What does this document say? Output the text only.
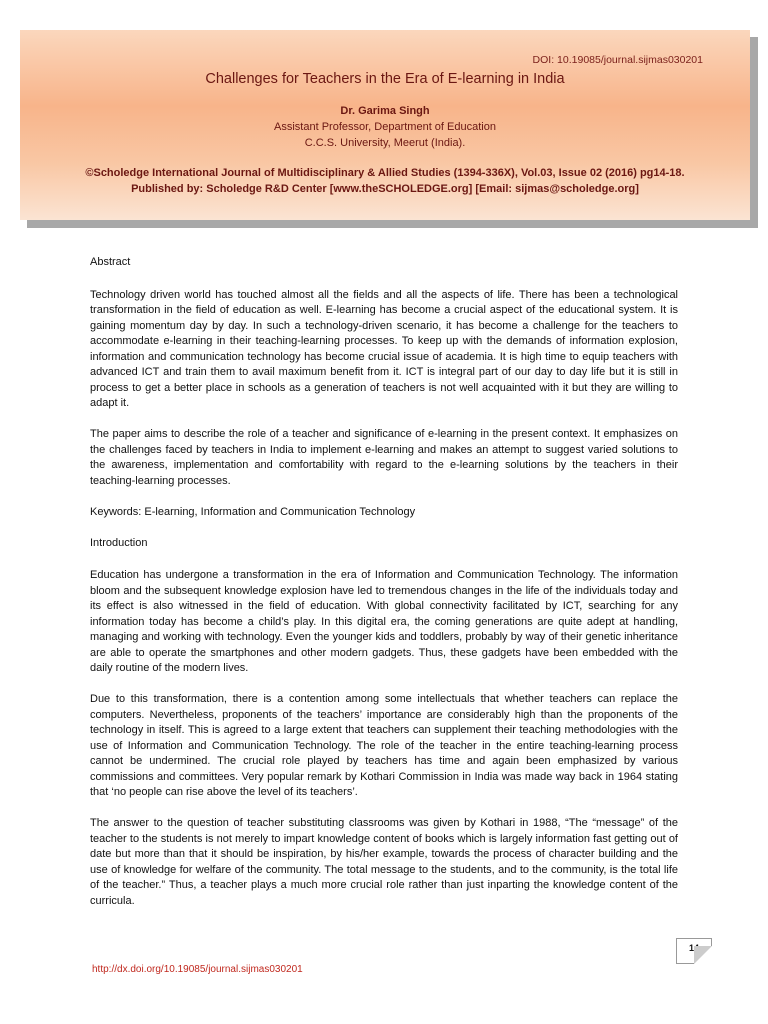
DOI: 10.19085/journal.sijmas030201
Challenges for Teachers in the Era of E-learning in India
Dr. Garima Singh
Assistant Professor, Department of Education
C.C.S. University, Meerut (India).
©Scholedge International Journal of Multidisciplinary & Allied Studies (1394-336X), Vol.03, Issue 02 (2016) pg14-18.
Published by: Scholedge R&D Center [www.theSCHOLEDGE.org] [Email: sijmas@scholedge.org]
Abstract

Technology driven world has touched almost all the fields and all the aspects of life. There has been a technological transformation in the field of education as well. E-learning has become a crucial aspect of the educational system. It is gaining momentum day by day. In such a technology-driven scenario, it has become a challenge for the teachers to accommodate e-learning in their teaching-learning processes. To keep up with the demands of information explosion, information and communication technology has become crucial issue of academia. It is high time to equip teachers with advanced ICT and train them to avail maximum benefit from it. ICT is integral part of our day to day life but it is still in process to get a better place in schools as a generation of teachers is not well acquainted with it but they are willing to adapt it.

The paper aims to describe the role of a teacher and significance of e-learning in the present context. It emphasizes on the challenges faced by teachers in India to implement e-learning and makes an attempt to suggest varied solutions to the awareness, implementation and comfortability with regard to the e-learning solutions by the teachers in their teaching-learning processes.

Keywords: E-learning, Information and Communication Technology

Introduction

Education has undergone a transformation in the era of Information and Communication Technology. The information bloom and the subsequent knowledge explosion have led to tremendous changes in the life of the individuals today and its effect is also witnessed in the field of education. With global connectivity facilitated by ICT, searching for any information today has become a child’s play. In this digital era, the coming generations are quite adept at handling, managing and working with technology. Even the younger kids and toddlers, probably by way of their genetic inheritance are able to operate the smartphones and other modern gadgets. Thus, these gadgets have been embedded with the daily routine of the modern lives.

Due to this transformation, there is a contention among some intellectuals that whether teachers can replace the computers. Nevertheless, proponents of the teachers’ importance are considerably high than the proponents of the technology in itself. This is agreed to a large extent that teachers can supplement their teaching methodologies with the use of Information and Communication Technology. The role of the teacher in the entire teaching-learning process cannot be undermined. The crucial role played by teachers has time and again been emphasized by various commissions and committees. Very popular remark by Kothari Commission in India was made way back in 1964 stating that ‘no people can rise above the level of its teachers’.

The answer to the question of teacher substituting classrooms was given by Kothari in 1988, “The “message” of the teacher to the students is not merely to impart knowledge content of books which is largely information fast getting out of date but more than that it should be inspiration, by his/her example, towards the process of character building and the use of knowledge for welfare of the community. The total message to the students, and to the community, is the total life of the teacher.” Thus, a teacher plays a much more crucial role rather than just inparting the knowledge content of the curricula.

14
http://dx.doi.org/10.19085/journal.sijmas030201
